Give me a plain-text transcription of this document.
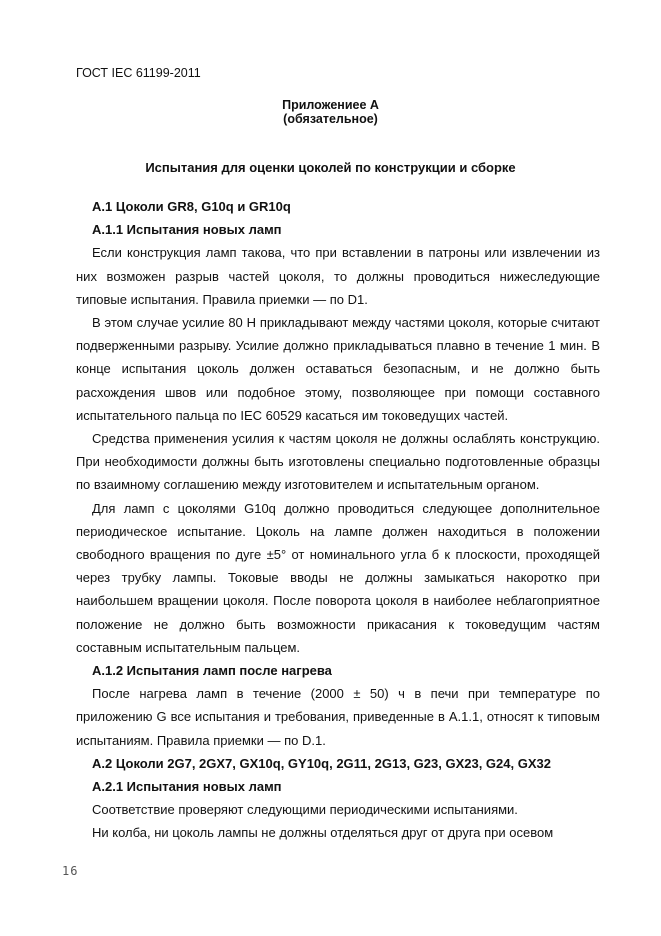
ГОСТ IEC 61199-2011
Приложениее А
(обязательное)
Испытания для оценки цоколей по конструкции и сборке

А.1 Цоколи GR8, G10q и GR10q

А.1.1 Испытания новых ламп

Если конструкция ламп такова, что при вставлении в патроны или извлечении из них возможен разрыв частей цоколя, то должны проводиться нижеследующие типовые испытания. Правила приемки — по D1.

В этом случае усилие 80 Н прикладывают между частями цоколя, которые считают подверженными разрыву. Усилие должно прикладываться плавно в течение 1 мин. В конце испытания цоколь должен оставаться безопасным, и не должно быть расхождения швов или подобное этому, позволяющее при помощи составного испытательного пальца по IEC 60529 касаться им токоведущих частей.

Средства применения усилия к частям цоколя не должны ослаблять конструкцию. При необходимости должны быть изготовлены специально подготовленные образцы по взаимному соглашению между изготовителем и испытательным органом.

Для ламп с цоколями G10q должно проводиться следующее дополнительное периодическое испытание. Цоколь на лампе должен находиться в положении свободного вращения по дуге ±5° от номинального угла б к плоскости, проходящей через трубку лампы. Токовые вводы не должны замыкаться накоротко при наибольшем вращении цоколя. После поворота цоколя в наиболее неблагоприятное положение не должно быть возможности прикасания к токоведущим частям составным испытательным пальцем.

А.1.2 Испытания ламп после нагрева

После нагрева ламп в течение (2000 ± 50) ч в печи при температуре по приложению G все испытания и требования, приведенные в А.1.1, относят к типовым испытаниям. Правила приемки — по D.1.

А.2 Цоколи 2G7, 2GX7, GX10q, GY10q, 2G11, 2G13, G23, GX23, G24, GX32

А.2.1 Испытания новых ламп

Соответствие проверяют следующими периодическими испытаниями.

Ни колба, ни цоколь лампы не должны отделяться друг от друга при осевом

16
